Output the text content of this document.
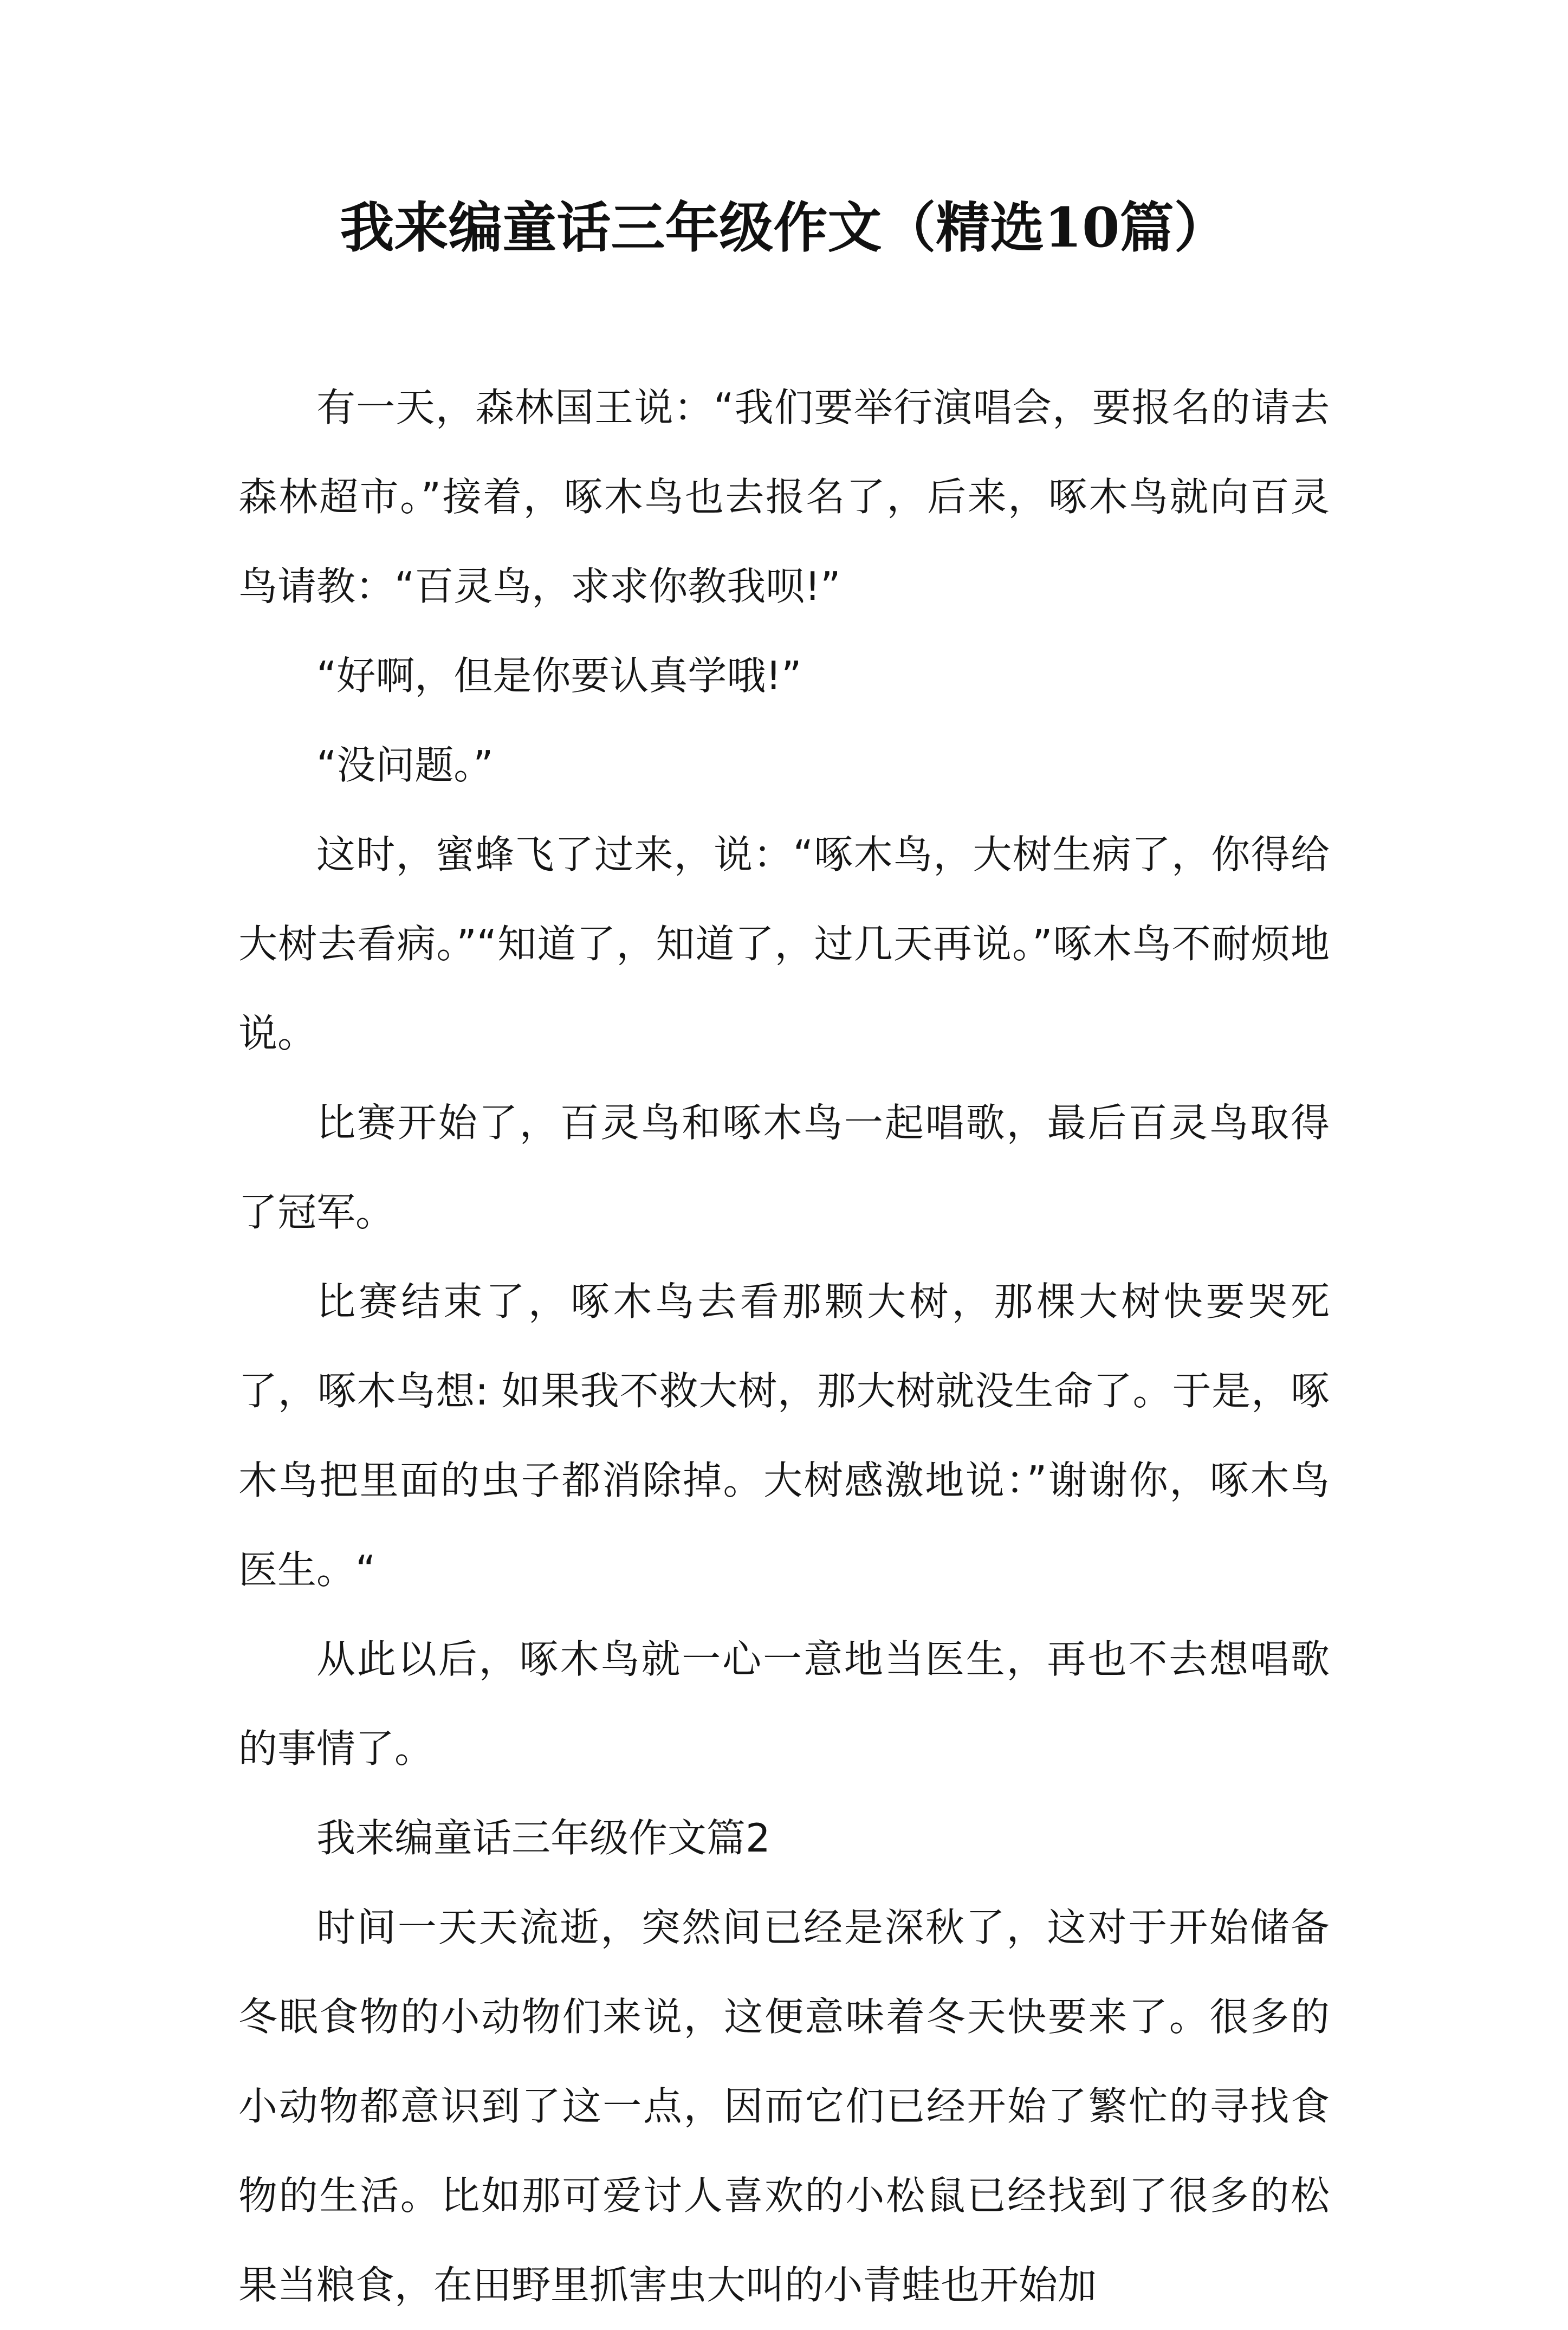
我来编童话三年级作文（精选10篇）

有一天，森林国王说：“我们要举行演唱会，要报名的请去森林超市。”接着，啄木鸟也去报名了，后来，啄木鸟就向百灵鸟请教：“百灵鸟，求求你教我呗!”

“好啊，但是你要认真学哦!”

“没问题。”

这时，蜜蜂飞了过来，说：“啄木鸟，大树生病了，你得给大树去看病。”“知道了，知道了，过几天再说。”啄木鸟不耐烦地说。

比赛开始了，百灵鸟和啄木鸟一起唱歌，最后百灵鸟取得了冠军。

比赛结束了，啄木鸟去看那颗大树，那棵大树快要哭死了，啄木鸟想: 如果我不救大树，那大树就没生命了。于是，啄木鸟把里面的虫子都消除掉。大树感激地说：”谢谢你，啄木鸟医生。“

从此以后，啄木鸟就一心一意地当医生，再也不去想唱歌的事情了。

我来编童话三年级作文篇2

时间一天天流逝，突然间已经是深秋了，这对于开始储备冬眠食物的小动物们来说，这便意味着冬天快要来了。很多的小动物都意识到了这一点，因而它们已经开始了繁忙的寻找食物的生活。比如那可爱讨人喜欢的小松鼠已经找到了很多的松果当粮食，在田野里抓害虫大叫的小青蛙也开始加
